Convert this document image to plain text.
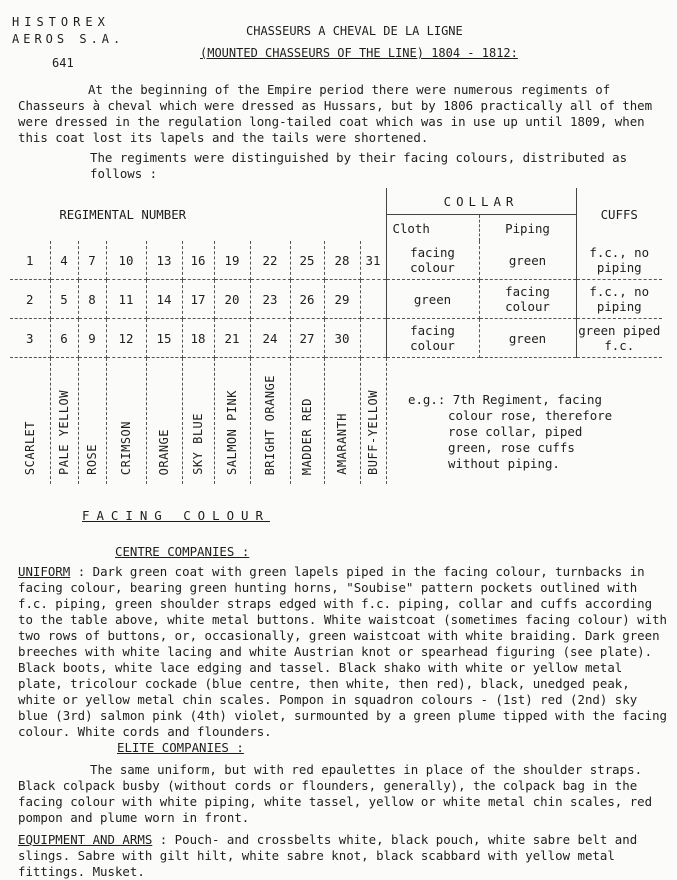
HISTOREX
AEROS S.A.
641
CHASSEURS A CHEVAL DE LA LIGNE
(MOUNTED CHASSEURS OF THE LINE) 1804 - 1812:
At the beginning of the Empire period there were numerous regiments of Chasseurs à cheval which were dressed as Hussars, but by 1806 practically all of them were dressed in the regulation long-tailed coat which was in use up until 1809, when this coat lost its lapels and the tails were shortened.
The regiments were distinguished by their facing colours, distributed as follows :
REGIMENTAL NUMBER											COLLAR		CUFFS
											Cloth	Piping	
1	4	7	10	13	16	19	22	25	28	31	facing colour	green	f.c., no piping
2	5	8	11	14	17	20	23	26	29		green	facing colour	f.c., no piping
3	6	9	12	15	18	21	24	27	30		facing colour	green	green piped f.c.
SCARLET	PALE YELLOW	ROSE	CRIMSON	ORANGE	SKY BLUE	SALMON PINK	BRIGHT ORANGE	MADDER RED	AMARANTH	BUFF-YELLOW			e.g.: 7th Regiment, facing
colour rose, therefore
rose collar, piped
green, rose cuffs
without piping.
FACING COLOUR
CENTRE COMPANIES :
UNIFORM : Dark green coat with green lapels piped in the facing colour, turnbacks in facing colour, bearing green hunting horns, "Soubise" pattern pockets outlined with f.c. piping, green shoulder straps edged with f.c. piping, collar and cuffs according to the table above, white metal buttons. White waistcoat (sometimes facing colour) with two rows of buttons, or, occasionally, green waistcoat with white braiding. Dark green breeches with white lacing and white Austrian knot or spearhead figuring (see plate). Black boots, white lace edging and tassel. Black shako with white or yellow metal plate, tricolour cockade (blue centre, then white, then red), black, unedged peak, white or yellow metal chin scales. Pompon in squadron colours - (1st) red (2nd) sky blue (3rd) salmon pink (4th) violet, surmounted by a green plume tipped with the facing colour. White cords and flounders.
ELITE COMPANIES :
The same uniform, but with red epaulettes in place of the shoulder straps. Black colpack busby (without cords or flounders, generally), the colpack bag in the facing colour with white piping, white tassel, yellow or white metal chin scales, red pompon and plume worn in front.
EQUIPMENT AND ARMS : Pouch- and crossbelts white, black pouch, white sabre belt and slings. Sabre with gilt hilt, white sabre knot, black scabbard with yellow metal fittings. Musket.
